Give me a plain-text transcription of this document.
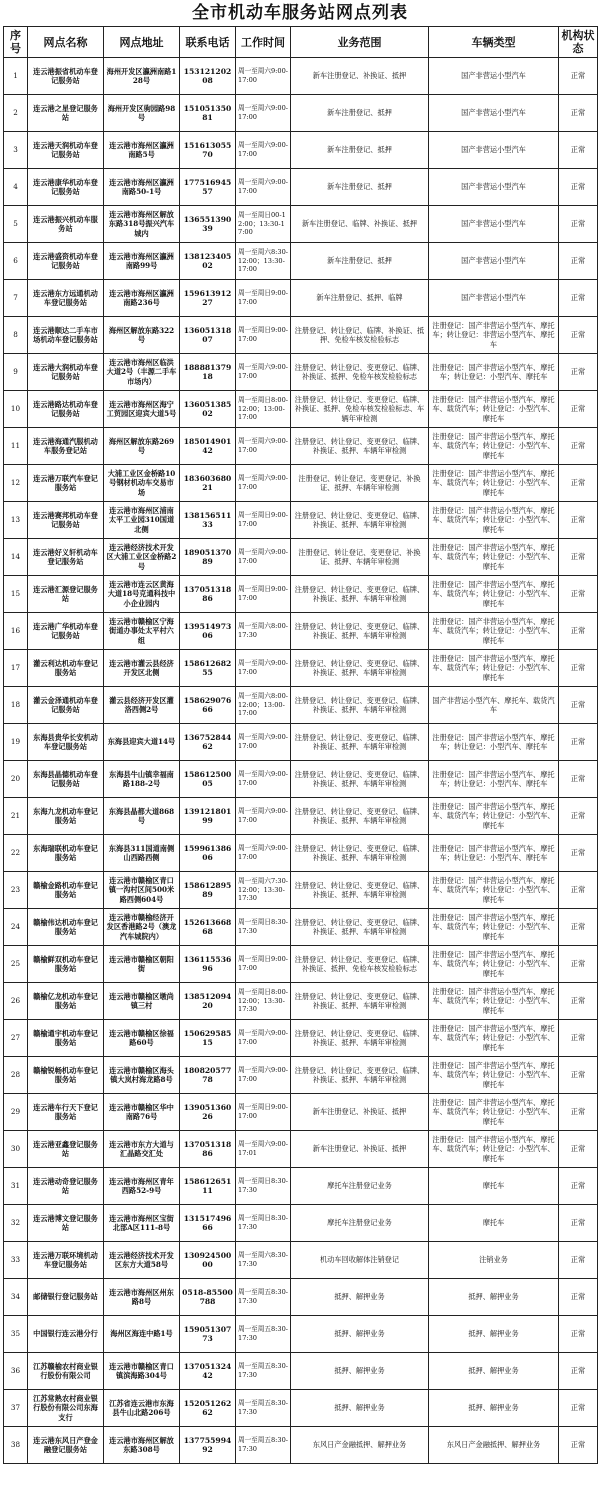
全市机动车服务站网点列表
序号	网点名称	网点地址	联系电话	工作时间	业务范围	车辆类型	机构状态
1	连云港振省机动车登记服务站	海州开发区瀛洲南路128号	15312120208	周一至周六9:00-17:00	新车注册登记、补换证、抵押	国产非营运小型汽车	正常
2	连云港之星登记服务站	海州开发区驹园路98号	15105135081	周一至周六9:00-17:00	新车注册登记、抵押	国产非营运小型汽车	正常
3	连云港天润机动车登记服务站	连云港市海州区瀛洲南路5号	15161305570	周一至周六9:00-17:00	新车注册登记、抵押	国产非营运小型汽车	正常
4	连云港康华机动车登记服务站	连云港市海州区瀛洲南路50-1号	17751694557	周一至周六9:00-17:00	新车注册登记、抵押	国产非营运小型汽车	正常
5	连云港振兴机动车服务站	连云港市海州区解放东路318号振兴汽车城内	13655139039	周一至周日00-12:00；13:30-17:00	新车注册登记、临牌、补换证、抵押	国产非营运小型汽车	正常
6	连云港盛资机动车登记服务站	连云港市海州区瀛洲南路99号	13812340502	周一至周六8:30-12:00；13:30-17:00	新车注册登记、抵押	国产非营运小型汽车	正常
7	连云港东方远通机动车登记服务站	连云港市海州区瀛洲南路236号	15961391227	周一至周日9:00-17:00	新车注册登记、抵押、临牌	国产非营运小型汽车	正常
8	连云港顺达二手车市场机动车登记服务站	海州区解放东路322号	13605131807	周一至周日9:00-17:00	注册登记、转让登记、临牌、补换证、抵押、免检车核发检验标志	注册登记：国产非营运小型汽车、摩托车；转让登记：非营运小型汽车、摩托车	正常
9	连云港大润机动车登记服务站	连云港市海州区临洪大道2号（丰源二手车市场内）	18888137918	周一至周六9:00-17:00	注册登记、转让登记、变更登记、临牌、补换证、抵押、免检车核发检验标志	注册登记：国产非营运小型汽车、摩托车；转让登记：小型汽车、摩托车	正常
10	连云港路达机动车登记服务站	连云港市海州区海宁工贸园区迎宾大道5号	13605138502	周一至周日8:00-12:00；13:00-17:00	注册登记、转让登记、变更登记、临牌、补换证、抵押、免检车核发检验标志、车辆年审检测	注册登记：国产非营运小型汽车、摩托车、载货汽车；转让登记：小型汽车、摩托车	正常
11	连云港海通汽服机动车服务登记站	海州区解放东路269号	18501490142	周一至周六9:00-17:00	注册登记、转让登记、变更登记、临牌、补换证、抵押、车辆年审检测	注册登记：国产非营运小型汽车、摩托车、载货汽车；转让登记：小型汽车、摩托车	正常
12	连云港万联汽车登记服务站	大浦工业区金桥路10号钢材机动车交易市场	18360368021	周一至周六9:00-17:00	注册登记、转让登记、变更登记、补换证、抵押、车辆年审检测	注册登记：国产非营运小型汽车、摩托车、载货汽车；转让登记：小型汽车、摩托车	正常
13	连云港赛邦机动车登记服务站	连云港市海州区浦南太平工业园310国道北侧	13815651133	周一至周日9:00-17:00	注册登记、转让登记、变更登记、临牌、补换证、抵押、车辆年审检测	注册登记：国产非营运小型汽车、摩托车、载货汽车；转让登记：小型汽车、摩托车	正常
14	连云港好义轩机动车登记服务站	连云港经济技术开发区大浦工业区金桥路2号	18905137089	周一至周六9:00-17:00	注册登记、转让登记、变更登记、补换证、抵押、车辆年审检测	注册登记：国产非营运小型汽车、摩托车、载货汽车；转让登记：小型汽车、摩托车	正常
15	连云港汇源登记服务站	连云港市连云区黄海大道18号克通科技中小企业园内	13705131886	周一至周日9:00-17:00	注册登记、转让登记、变更登记、临牌、补换证、抵押、车辆年审检测	注册登记：国产非营运小型汽车、摩托车、载货汽车；转让登记：小型汽车、摩托车	正常
16	连云港广华机动车登记服务站	连云港市赣榆区宁海街道办事处太平村六组	13951497306	周一至周六8:00-17:30	注册登记、转让登记、变更登记、临牌、补换证、抵押、车辆年审检测	注册登记：国产非营运小型汽车、摩托车、载货汽车；转让登记：小型汽车、摩托车	正常
17	灌云利达机动车登记服务站	连云港市灌云县经济开发区北侧	15861268255	周一至周六9:00-17:00	注册登记、转让登记、变更登记、临牌、补换证、抵押、车辆年审检测	注册登记：国产非营运小型汽车、摩托车、载货汽车；转让登记：小型汽车、摩托车	正常
18	灌云金泽通机动车登记服务站	灌云县经济开发区灌洛西侧2号	15862907666	周一至周六8:00-12:00；13:00-17:00	注册登记、转让登记、变更登记、临牌、补换证、抵押、车辆年审检测	国产非营运小型汽车、摩托车、载货汽车	正常
19	东海县贵华长安机动车登记服务站	东海县迎宾大道14号	13675284462	周一至周六9:00-17:00	注册登记、转让登记、变更登记、临牌、补换证、抵押、车辆年审检测	注册登记：国产非营运小型汽车、摩托车；转让登记：小型汽车、摩托车	正常
20	东海县晶德机动车登记服务站	东海县牛山镇幸福南路188-2号	15861250005	周一至周六9:00-17:00	注册登记、转让登记、变更登记、临牌、补换证、抵押、车辆年审检测	注册登记：国产非营运小型汽车、摩托车；转让登记：小型汽车、摩托车	正常
21	东海九龙机动车登记服务站	东海县晶都大道868号	13912180199	周一至周六9:00-17:00	注册登记、转让登记、变更登记、临牌、补换证、抵押、车辆年审检测	注册登记：国产非营运小型汽车、摩托车、载货汽车；转让登记：小型汽车、摩托车	正常
22	东海瑞联机动车登记服务站	东海县311国道南侧山西路西侧	15996138606	周一至周六9:00-17:00	注册登记、转让登记、变更登记、临牌、补换证、抵押、车辆年审检测	注册登记：国产非营运小型汽车、摩托车；转让登记：小型汽车、摩托车	正常
23	赣榆金路机动车登记服务站	连云港市赣榆区青口镇一沟村区间500米路西侧604号	15861289589	周一至周六7:30-12:00；13:30-17:30	注册登记、转让登记、变更登记、临牌、补换证、抵押、车辆年审检测	注册登记：国产非营运小型汽车、摩托车、载货汽车；转让登记：小型汽车、摩托车	正常
24	赣榆伟达机动车登记服务站	连云港市赣榆经济开发区香港路2号（澳龙汽车城院内）	15261366868	周一至周日8:30-17:30	注册登记、转让登记、变更登记、临牌、补换证、抵押、车辆年审检测	注册登记：国产非营运小型汽车、摩托车、载货汽车；转让登记：小型汽车、摩托车	正常
25	赣榆鲜双机动车登记服务站	连云港市赣榆区朝阳街	13611553696	周一至周日9:00-17:00	注册登记、转让登记、变更登记、临牌、补换证、抵押、免检车核发检验标志	注册登记：国产非营运小型汽车、摩托车、载货汽车；转让登记：小型汽车、摩托车	正常
26	赣榆亿龙机动车登记服务站	连云港市赣榆区墩尚镇三村	13851209420	周一至周日8:00-12:00；13:30-17:30	注册登记、转让登记、变更登记、临牌、补换证、抵押、车辆年审检测	注册登记：国产非营运小型汽车、摩托车、载货汽车；转让登记：小型汽车、摩托车	正常
27	赣榆通宇机动车登记服务站	连云港市赣榆区徐福路60号	15062958515	周一至周六9:00-17:00	注册登记、转让登记、变更登记、临牌、补换证、抵押、车辆年审检测	注册登记：国产非营运小型汽车、摩托车、载货汽车；转让登记：小型汽车、摩托车	正常
28	赣榆锐畅机动车登记服务站	连云港市赣榆区海头镇大岚村海龙路8号	18082057778	周一至周六9:00-17:00	注册登记、转让登记、变更登记、临牌、补换证、抵押、车辆年审检测	注册登记：国产非营运小型汽车、摩托车、载货汽车；转让登记：小型汽车、摩托车	正常
29	连云港车行天下登记服务站	连云港市赣榆区华中南路76号	13905136026	周一至周日9:00-17:00	新车注册登记、补换证、抵押	注册登记：国产非营运小型汽车、摩托车、载货汽车；转让登记：小型汽车、摩托车	正常
30	连云港亚鑫登记服务站	连云港市东方大道与汇晶路交汇处	13705131886	周一至周六9:00-17:01	新车注册登记、补换证、抵押	注册登记：国产非营运小型汽车、摩托车、载货汽车；转让登记：小型汽车、摩托车	正常
31	连云港动奇登记服务站	连云港市海州区青年西路52-9号	15861265111	周一至周日8:30-17:30	摩托车注册登记业务	摩托车	正常
32	连云港博文登记服务站	连云港市海州区宝街北部A区111-8号	13151749666	周一至周日8:30-17:30	摩托车注册登记业务	摩托车	正常
33	连云港万联环境机动车登记服务站	连云港经济技术开发区东方大道58号	13092450000	周一至周六8:30-17:30	机动车回收解体注销登记	注销业务	正常
34	邮储银行登记服务站	连云港市海州区州东路8号	0518-85500788	周一至周五8:30-17:30	抵押、解押业务	抵押、解押业务	正常
35	中国银行连云港分行	海州区海连中路1号	15905130773	周一至周五8:30-17:30	抵押、解押业务	抵押、解押业务	正常
36	江苏赣榆农村商业银行股份有限公司	连云港市赣榆区青口镇滨海路304号	13705132442	周一至周五8:30-17:30	抵押、解押业务	抵押、解押业务	正常
37	江苏常熟农村商业银行股份有限公司东海支行	江苏省连云港市东海县牛山北路206号	15205126262	周一至周五8:30-17:30	抵押、解押业务	抵押、解押业务	正常
38	连云港东风日产登金融登记服务站	连云港市海州区解放东路308号	13775599492	周一至周五8:30-17:30	东风日产金融抵押、解押业务	东风日产金融抵押、解押业务	正常
